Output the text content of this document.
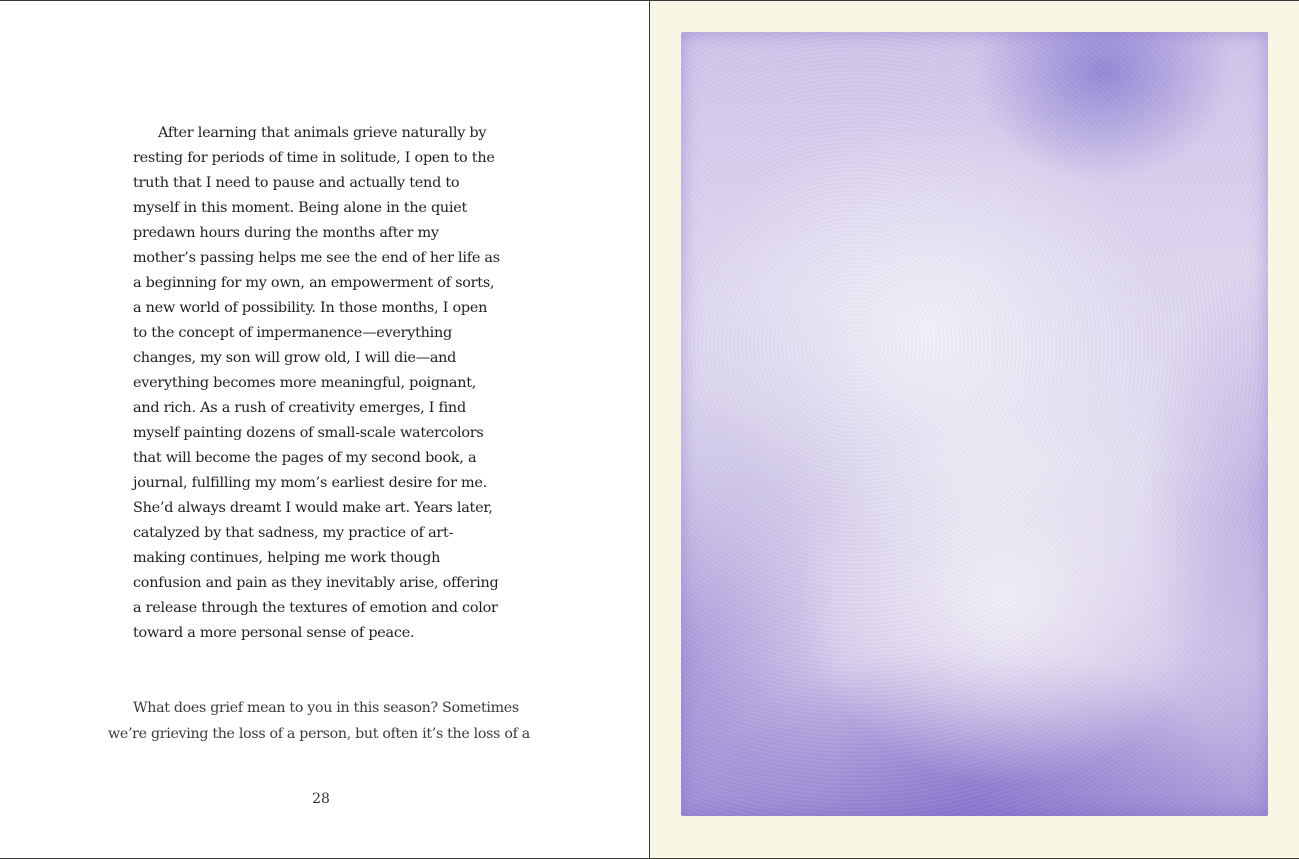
After learning that animals grieve naturally by resting for periods of time in solitude, I open to the truth that I need to pause and actually tend to myself in this moment. Being alone in the quiet predawn hours during the months after my mother’s passing helps me see the end of her life as a beginning for my own, an empowerment of sorts, a new world of possibility. In those months, I open to the concept of impermanence—everything changes, my son will grow old, I will die—and everything becomes more meaningful, poignant, and rich. As a rush of creativity emerges, I find myself painting dozens of small-scale watercolors that will become the pages of my second book, a journal, fulfilling my mom’s earliest desire for me. She’d always dreamt I would make art. Years later, catalyzed by that sadness, my practice of art-making continues, helping me work though confusion and pain as they inevitably arise, offering a release through the textures of emotion and color toward a more personal sense of peace.

What does grief mean to you in this season? Sometimes we’re grieving the loss of a person, but often it’s the loss of a

28
